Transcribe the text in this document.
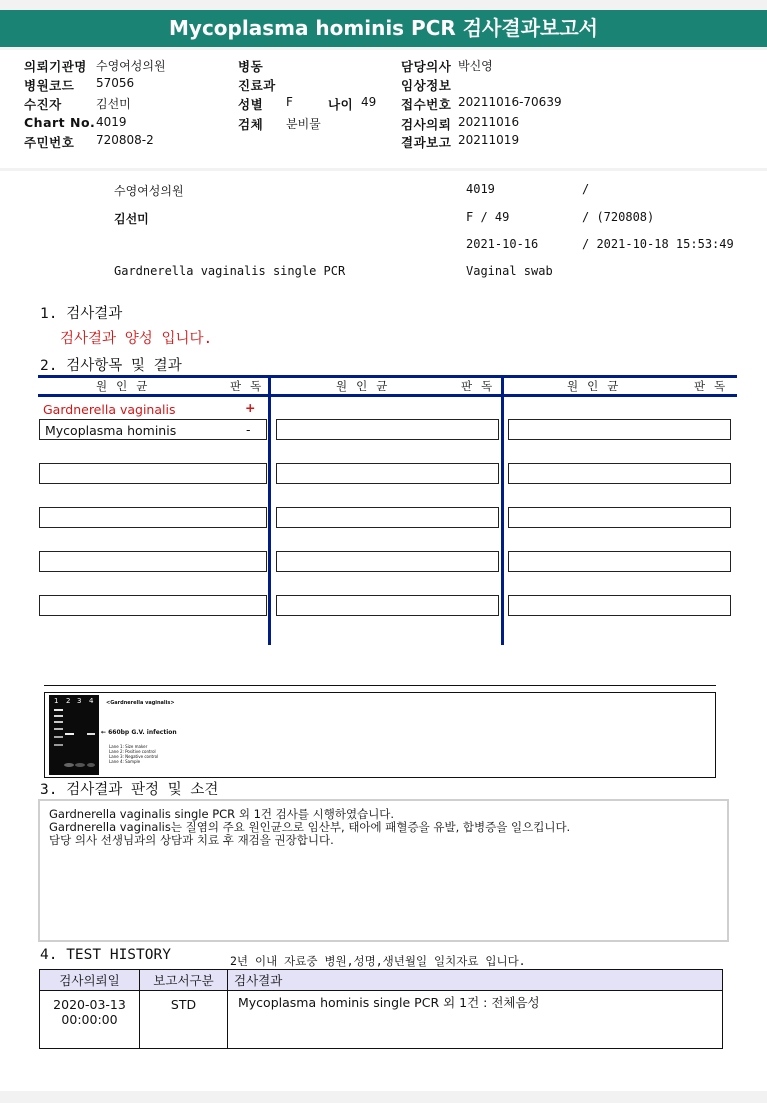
Mycoplasma hominis PCR 검사결과보고서
의뢰기관명 수영여성의원
병원코드 57056
수진자	김선미
Chart No. 4019
주민번호 720808-2
병동
진료과
성별 F	나이 49
검체 분비물
담당의사 박신영
임상정보
접수번호 20211016-70639
검사의뢰 20211016
결과보고 20211019
수영여성의원	4019	/
김선미	F / 49	/ (720808)
2021-10-16	/ 2021-10-18 15:53:49
Gardnerella vaginalis single PCR	Vaginal swab
1. 검사결과
검사결과 양성 입니다.
2. 검사항목 및 결과
원인균	판독	원인균	판독	원인균	판독
Gardnerella vaginalis	+
Mycoplasma hominis	-
1 2 3 4	<Gardnerella vaginalis>
← 660bp G.V. infection
Lane 1: Size maker
Lane 2: Positive control
Lane 3: Negative control
Lane 4: Sample
3. 검사결과 판정 및 소견
Gardnerella vaginalis single PCR 외 1건 검사를 시행하였습니다.
Gardnerella vaginalis는 질염의 주요 원인균으로 임산부, 태아에 패혈증을 유발, 합병증을 일으킵니다.
담당 의사 선생님과의 상담과 치료 후 재검을 권장합니다.
4. TEST HISTORY	2년 이내 자료중 병원,성명,생년월일 일치자료 입니다.
검사의뢰일	보고서구분	검사결과

2020-03-13
00:00:00	STD	Mycoplasma hominis single PCR 외 1건 : 전체음성
